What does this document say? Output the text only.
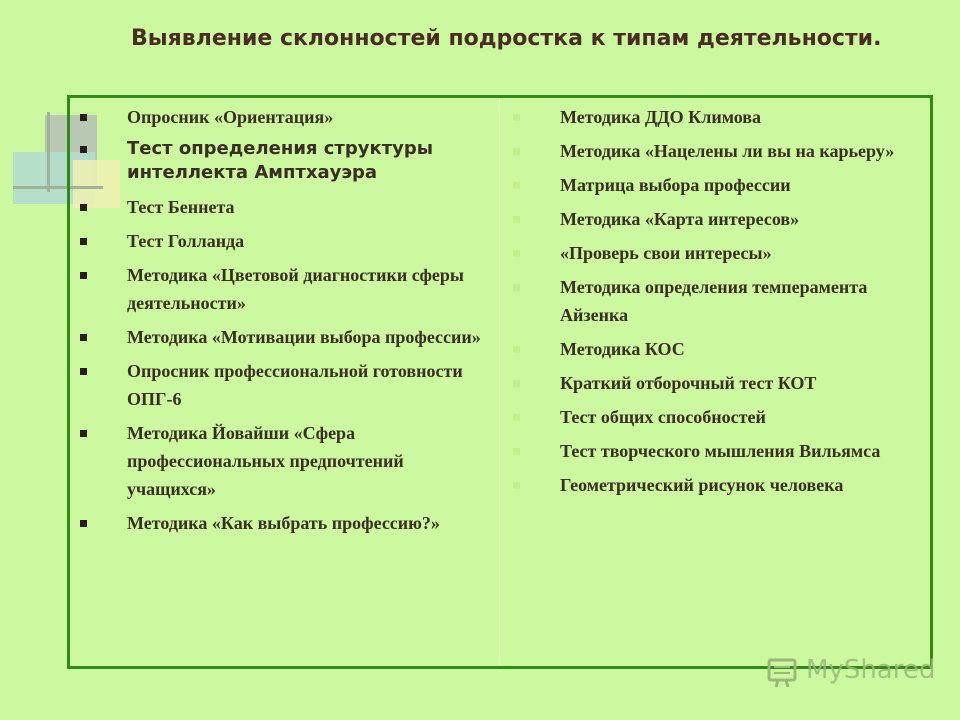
Выявление склонностей подростка к типам деятельности.
Опросник «Ориентация»
Тест определения структуры интеллекта Амптхауэра
Тест Беннета
Тест Голланда
Методика «Цветовой диагностики сферы деятельности»
Методика «Мотивации выбора профессии»
Опросник профессиональной готовности ОПГ-6
Методика Йовайши «Сфера профессиональных предпочтений учащихся»
Методика «Как выбрать профессию?»
Методика ДДО Климова
Методика «Нацелены ли вы на карьеру»
Матрица выбора профессии
Методика «Карта интересов»
«Проверь свои интересы»
Методика определения темперамента Айзенка
Методика КОС
Краткий отборочный тест КОТ
Тест общих способностей
Тест творческого мышления Вильямса
Геометрический рисунок человека
MyShared
